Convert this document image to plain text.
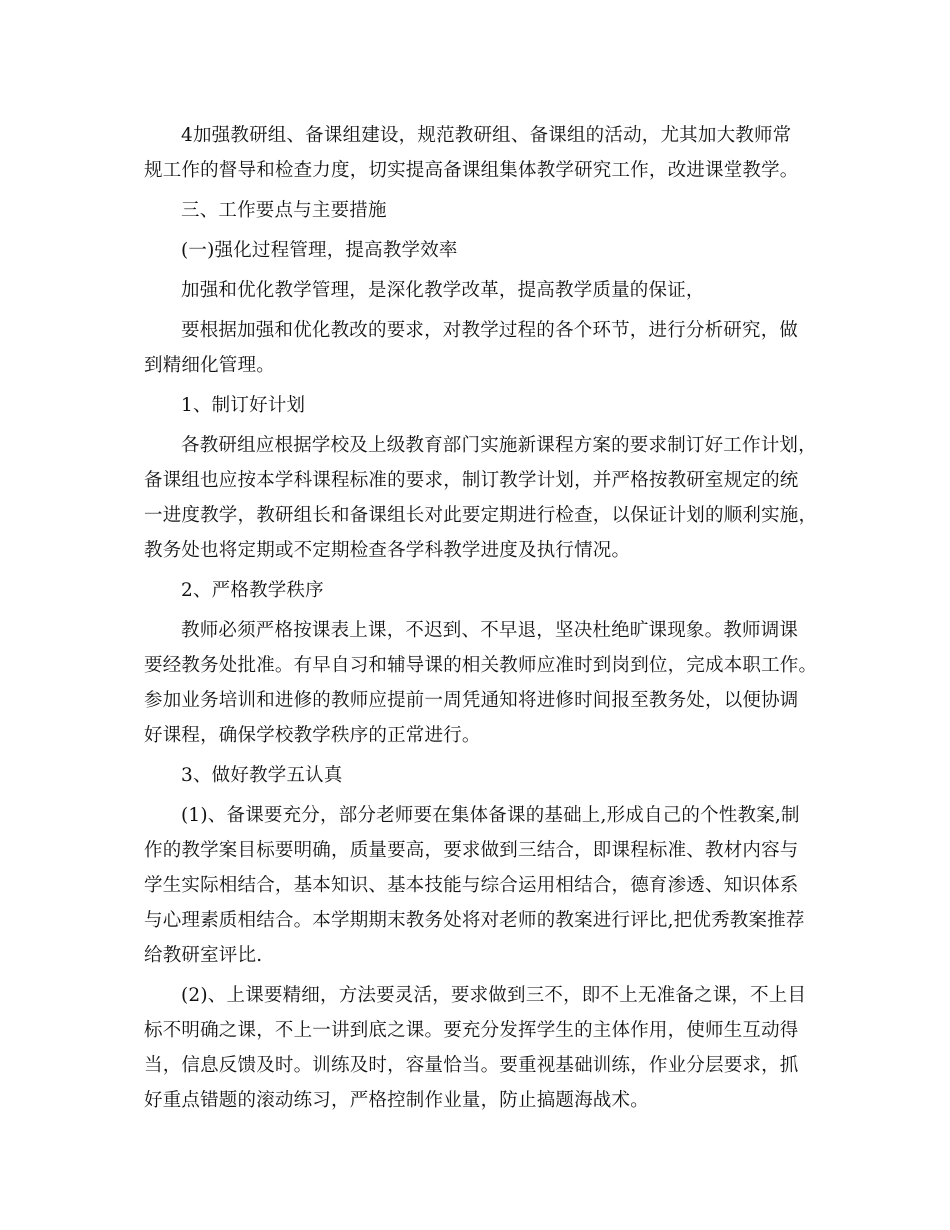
4加强教研组、备课组建设，规范教研组、备课组的活动，尤其加大教师常
规工作的督导和检查力度，切实提高备课组集体教学研究工作，改进课堂教学。

三、工作要点与主要措施

(一)强化过程管理，提高教学效率

加强和优化教学管理，是深化教学改革，提高教学质量的保证，

要根据加强和优化教改的要求，对教学过程的各个环节，进行分析研究，做
到精细化管理。

1、制订好计划

各教研组应根据学校及上级教育部门实施新课程方案的要求制订好工作计划，
备课组也应按本学科课程标准的要求，制订教学计划，并严格按教研室规定的统
一进度教学，教研组长和备课组长对此要定期进行检查，以保证计划的顺利实施，
教务处也将定期或不定期检查各学科教学进度及执行情况。

2、严格教学秩序

教师必须严格按课表上课，不迟到、不早退，坚决杜绝旷课现象。教师调课
要经教务处批准。有早自习和辅导课的相关教师应准时到岗到位，完成本职工作。
参加业务培训和进修的教师应提前一周凭通知将进修时间报至教务处，以便协调
好课程，确保学校教学秩序的正常进行。

3、做好教学五认真

(1)、备课要充分，部分老师要在集体备课的基础上,形成自己的个性教案,制
作的教学案目标要明确，质量要高，要求做到三结合，即课程标准、教材内容与
学生实际相结合，基本知识、基本技能与综合运用相结合，德育渗透、知识体系
与心理素质相结合。本学期期末教务处将对老师的教案进行评比,把优秀教案推荐
给教研室评比.

(2)、上课要精细，方法要灵活，要求做到三不，即不上无准备之课，不上目
标不明确之课，不上一讲到底之课。要充分发挥学生的主体作用，使师生互动得
当，信息反馈及时。训练及时，容量恰当。要重视基础训练，作业分层要求，抓
好重点错题的滚动练习，严格控制作业量，防止搞题海战术。
